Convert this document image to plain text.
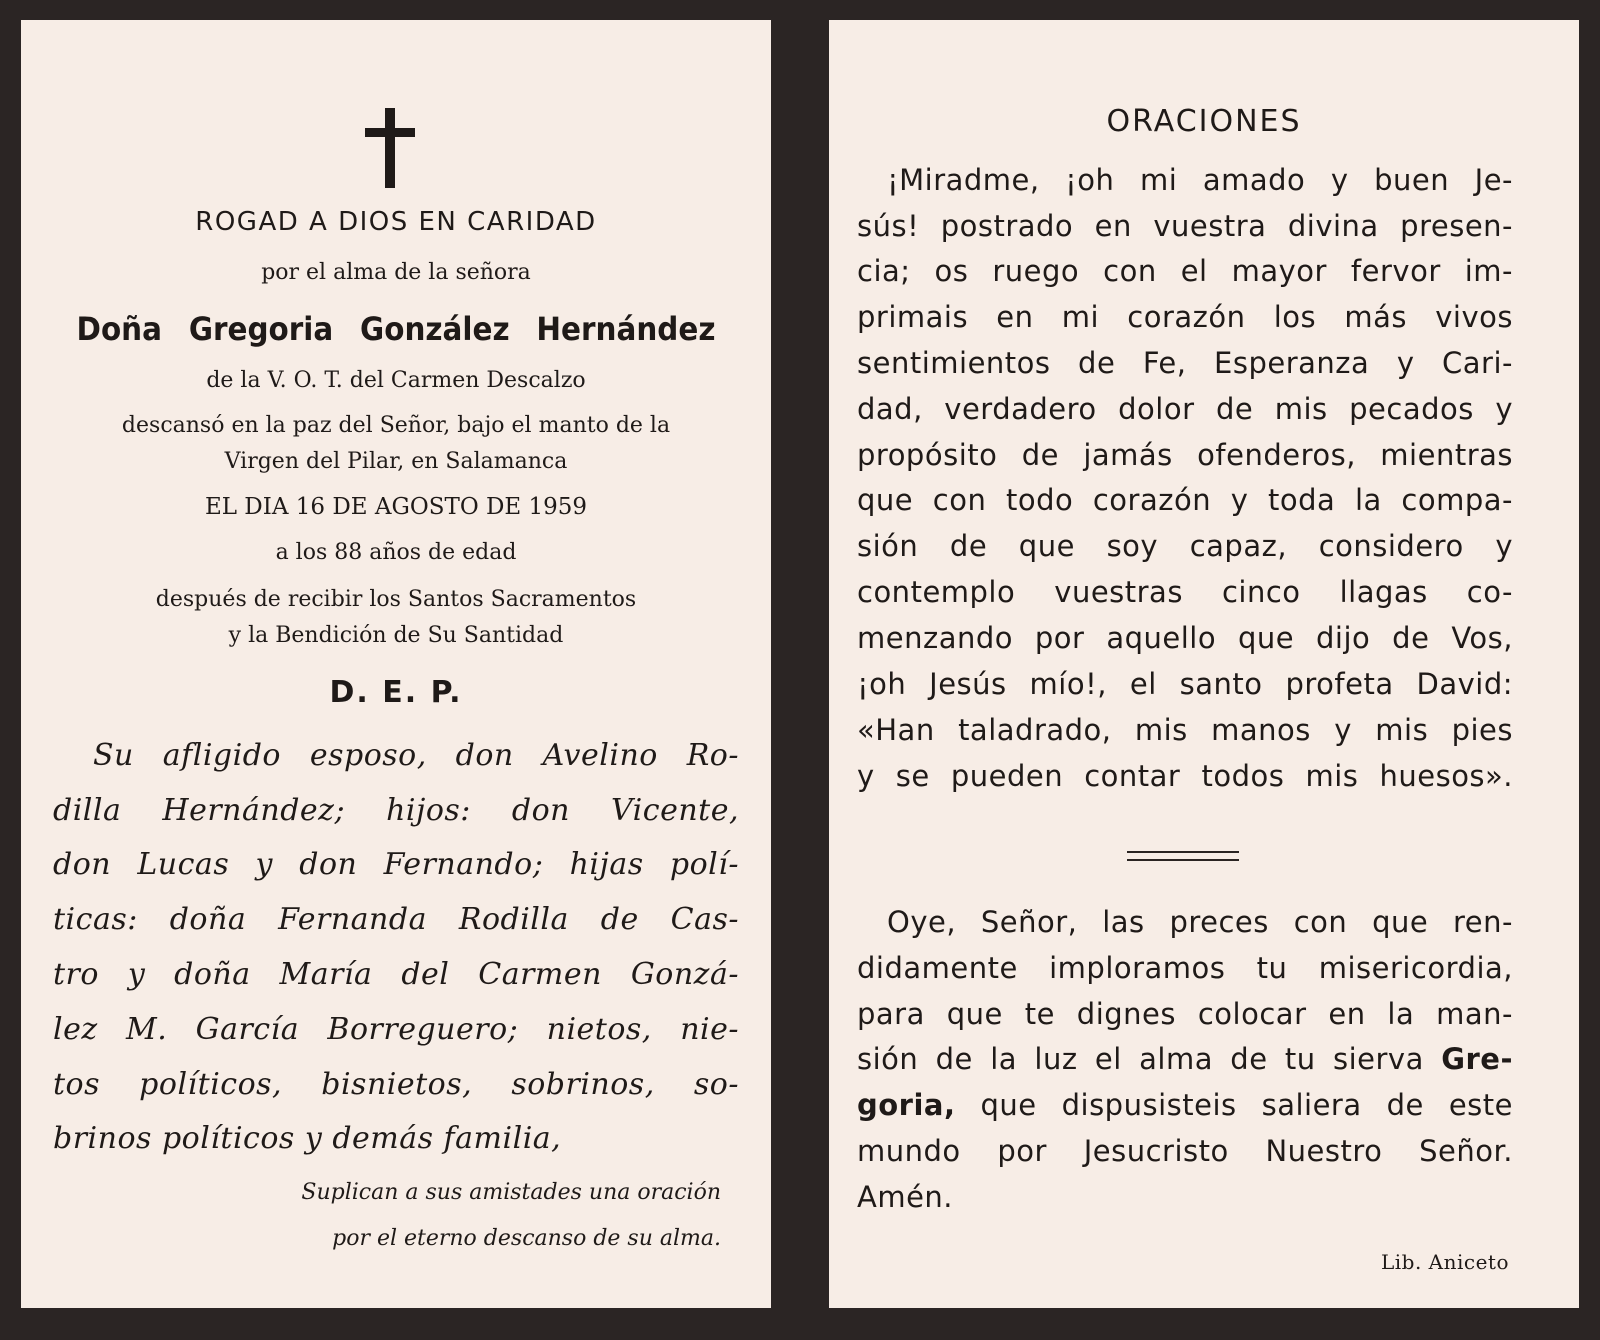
ROGAD A DIOS EN CARIDAD
por el alma de la señora
Doña Gregoria González Hernández
de la V. O. T. del Carmen Descalzo
descansó en la paz del Señor, bajo el manto de la
Virgen del Pilar, en Salamanca
EL DIA 16 DE AGOSTO DE 1959
a los 88 años de edad
después de recibir los Santos Sacramentos
y la Bendición de Su Santidad
D. E. P.
Su afligido esposo, don Avelino Ro-
dilla Hernández; hijos: don Vicente,
don Lucas y don Fernando; hijas polí-
ticas: doña Fernanda Rodilla de Cas-
tro y doña María del Carmen Gonzá-
lez M. García Borreguero; nietos, nie-
tos políticos, bisnietos, sobrinos, so-
brinos políticos y demás familia,
Suplican a sus amistades una oración
por el eterno descanso de su alma.
ORACIONES
¡Miradme, ¡oh mi amado y buen Je-
sús! postrado en vuestra divina presen-
cia; os ruego con el mayor fervor im-
primais en mi corazón los más vivos
sentimientos de Fe, Esperanza y Cari-
dad, verdadero dolor de mis pecados y
propósito de jamás ofenderos, mientras
que con todo corazón y toda la compa-
sión de que soy capaz, considero y
contemplo vuestras cinco llagas co-
menzando por aquello que dijo de Vos,
¡oh Jesús mío!, el santo profeta David:
«Han taladrado, mis manos y mis pies
y se pueden contar todos mis huesos».
Oye, Señor, las preces con que ren-
didamente imploramos tu misericordia,
para que te dignes colocar en la man-
sión de la luz el alma de tu sierva Gre-
goria, que dispusisteis saliera de este
mundo por Jesucristo Nuestro Señor.
Amén.
Lib. Aniceto
